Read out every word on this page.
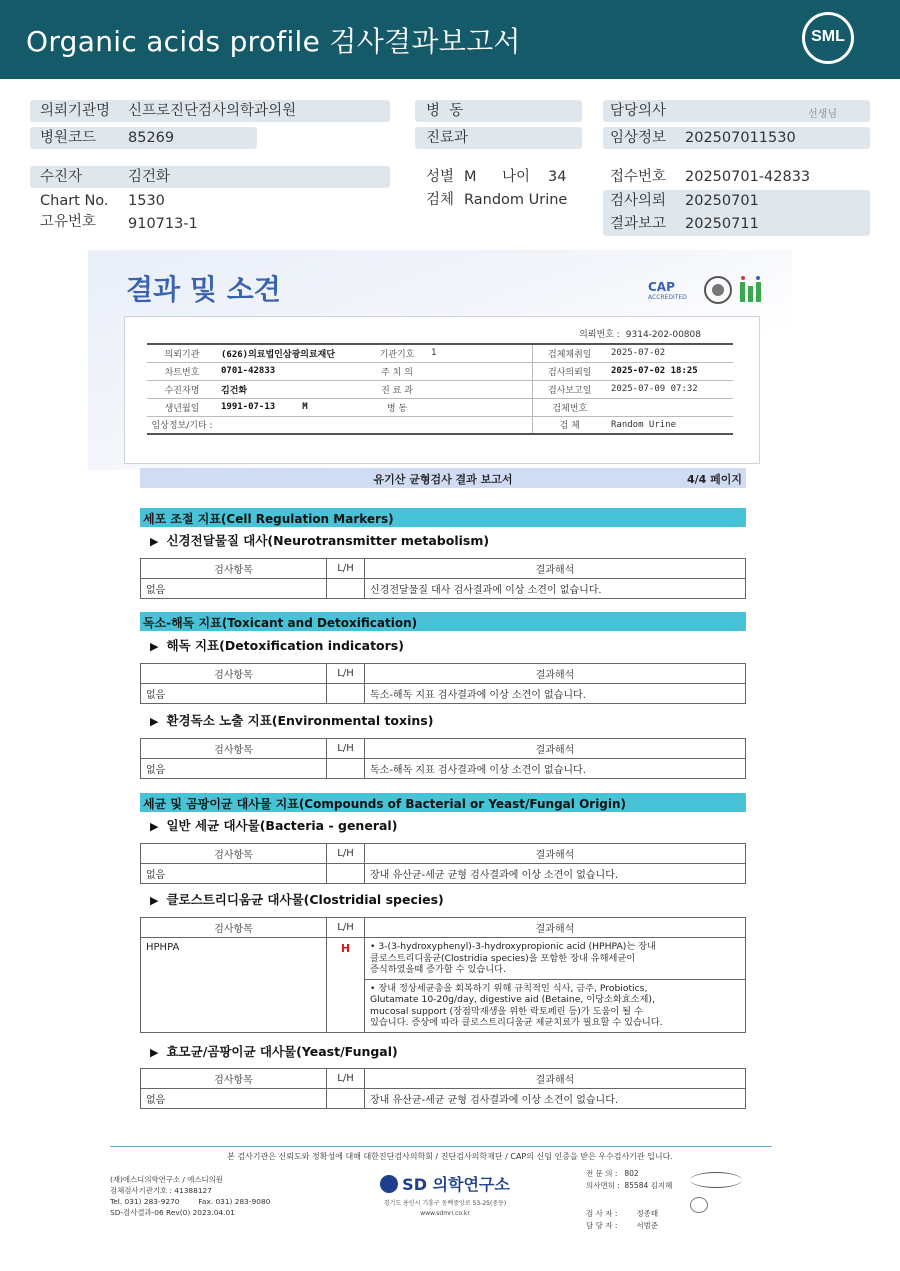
Organic acids profile 검사결과보고서	SML
의뢰기관명 신프로진단검사의학과의원
병원코드 85269
병  동
진료과
담당의사	선생님
임상정보 202507011530
수진자	김건화
Chart No. 1530
고유번호 910713-1
성별 M 나이 34
검체 Random Urine
접수번호 20250701-42833
검사의뢰 20250701
결과보고 20250711
결과 및 소견	CAP
ACCREDITED
의뢰번호 : 9314-202-00808
의뢰기관	(626)의료법인삼광의료재단	기관기호	1	검체채취일	2025-07-02
차트번호	0701-42833	주 치 의		검사의뢰일	2025-07-02 18:25
수진자명	김건화	진 료 과		검사보고일	2025-07-09 07:32
생년월일	1991-07-13     M	병 동		검체번호	
임상정보/기타 :				검 체	Random Urine
유기산 균형검사 결과 보고서	4/4 페이지
세포 조절 지표(Cell Regulation Markers)
▶ 신경전달물질 대사(Neurotransmitter metabolism)
검사항목	L/H	결과해석
없음		신경전달물질 대사 검사결과에 이상 소견이 없습니다.
독소-해독 지표(Toxicant and Detoxification)
▶ 해독 지표(Detoxification indicators)
검사항목	L/H	결과해석
없음		독소-해독 지표 검사결과에 이상 소견이 없습니다.
▶ 환경독소 노출 지표(Environmental toxins)
검사항목	L/H	결과해석
없음		독소-해독 지표 검사결과에 이상 소견이 없습니다.
세균 및 곰팡이균 대사물 지표(Compounds of Bacterial or Yeast/Fungal Origin)
▶ 일반 세균 대사물(Bacteria - general)
검사항목	L/H	결과해석
없음		장내 유산균-세균 균형 검사결과에 이상 소견이 없습니다.
▶ 클로스트리디움균 대사물(Clostridial species)
검사항목	L/H	결과해석
HPHPA	H	• 3-(3-hydroxyphenyl)-3-hydroxypropionic acid (HPHPA)는 장내
클로스트리디움균(Clostridia species)을 포함한 장내 유해세균이
증식하였을때 증가할 수 있습니다.

		• 장내 정상세균총을 회복하기 위해 규칙적인 식사, 금주, Probiotics,
Glutamate 10-20g/day, digestive aid (Betaine, 이당소화효소제),
mucosal support (장점막재생을 위한 락토페린 등)가 도움이 될 수
있습니다. 증상에 따라 클로스트리디움균 제균치료가 필요할 수 있습니다.
▶ 효모균/곰팡이균 대사물(Yeast/Fungal)
검사항목	L/H	결과해석
없음		장내 유산균-세균 균형 검사결과에 이상 소견이 없습니다.
본 검사기관은 신뢰도와 정확성에 대해 대한진단검사의학회 / 진단검사의학재단 / CAP의 신임 인증을 받은 우수검사기관 입니다.
(재)에스디의학연구소 / 에스디의원
검체검사기관기호 : 41388127
Tel. 031) 283-9270        Fax. 031) 283-9080
SD-검사결과-06 Rev(0) 2023.04.01
SD 의학연구소
경기도 용인시 기흥구 동백중앙로 53-25(중동)
www.sdmri.co.kr
전 문 의 : 802
의사면허 : 85584 김지혜
검 사 자 :	정종태
담 당 자 :	서범준
